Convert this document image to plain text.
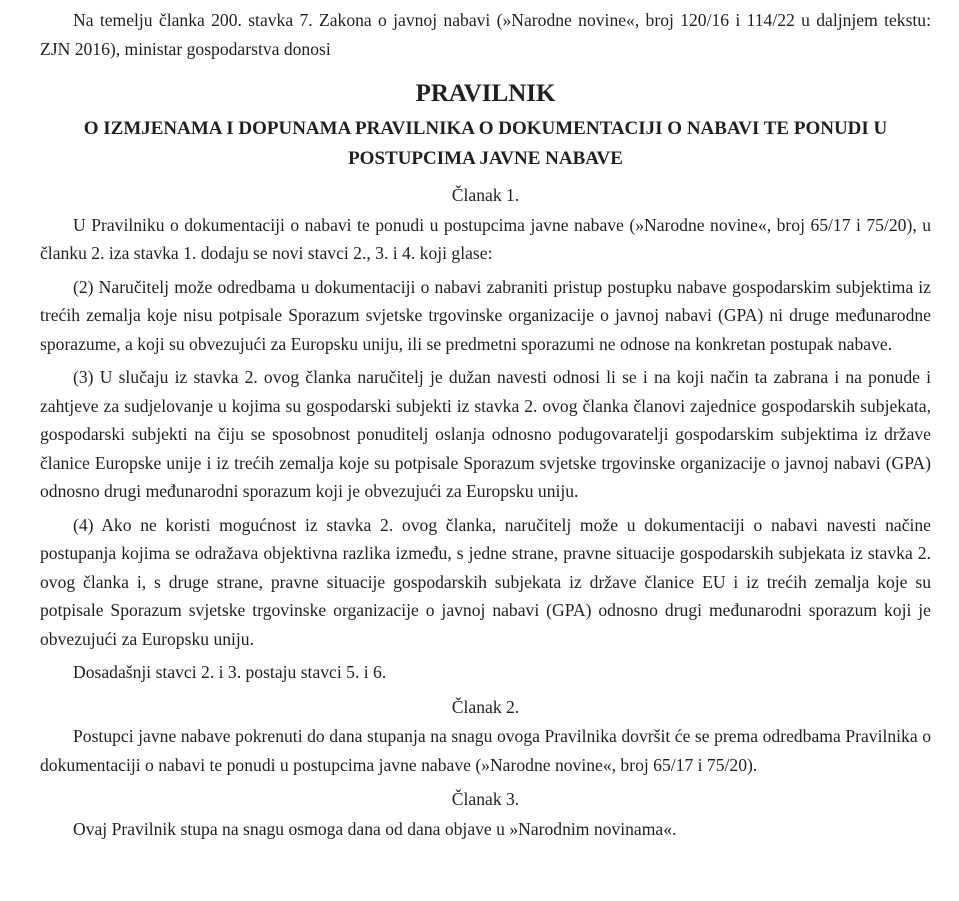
Na temelju članka 200. stavka 7. Zakona o javnoj nabavi (»Narodne novine«, broj 120/16 i 114/22 u daljnjem tekstu: ZJN 2016), ministar gospodarstva donosi

PRAVILNIK
O IZMJENAMA I DOPUNAMA PRAVILNIKA O DOKUMENTACIJI O NABAVI TE PONUDI U POSTUPCIMA JAVNE NABAVE
Članak 1.

U Pravilniku o dokumentaciji o nabavi te ponudi u postupcima javne nabave (»Narodne novine«, broj 65/17 i 75/20), u članku 2. iza stavka 1. dodaju se novi stavci 2., 3. i 4. koji glase:

(2) Naručitelj može odredbama u dokumentaciji o nabavi zabraniti pristup postupku nabave gospodarskim subjektima iz trećih zemalja koje nisu potpisale Sporazum svjetske trgovinske organizacije o javnoj nabavi (GPA) ni druge međunarodne sporazume, a koji su obvezujući za Europsku uniju, ili se predmetni sporazumi ne odnose na konkretan postupak nabave.

(3) U slučaju iz stavka 2. ovog članka naručitelj je dužan navesti odnosi li se i na koji način ta zabrana i na ponude i zahtjeve za sudjelovanje u kojima su gospodarski subjekti iz stavka 2. ovog članka članovi zajednice gospodarskih subjekata, gospodarski subjekti na čiju se sposobnost ponuditelj oslanja odnosno podugovaratelji gospodarskim subjektima iz države članice Europske unije i iz trećih zemalja koje su potpisale Sporazum svjetske trgovinske organizacije o javnoj nabavi (GPA) odnosno drugi međunarodni sporazum koji je obvezujući za Europsku uniju.

(4) Ako ne koristi mogućnost iz stavka 2. ovog članka, naručitelj može u dokumentaciji o nabavi navesti načine postupanja kojima se odražava objektivna razlika između, s jedne strane, pravne situacije gospodarskih subjekata iz stavka 2. ovog članka i, s druge strane, pravne situacije gospodarskih subjekata iz države članice EU i iz trećih zemalja koje su potpisale Sporazum svjetske trgovinske organizacije o javnoj nabavi (GPA) odnosno drugi međunarodni sporazum koji je obvezujući za Europsku uniju.

Dosadašnji stavci 2. i 3. postaju stavci 5. i 6.

Članak 2.

Postupci javne nabave pokrenuti do dana stupanja na snagu ovoga Pravilnika dovršit će se prema odredbama Pravilnika o dokumentaciji o nabavi te ponudi u postupcima javne nabave (»Narodne novine«, broj 65/17 i 75/20).

Članak 3.

Ovaj Pravilnik stupa na snagu osmoga dana od dana objave u »Narodnim novinama«.
